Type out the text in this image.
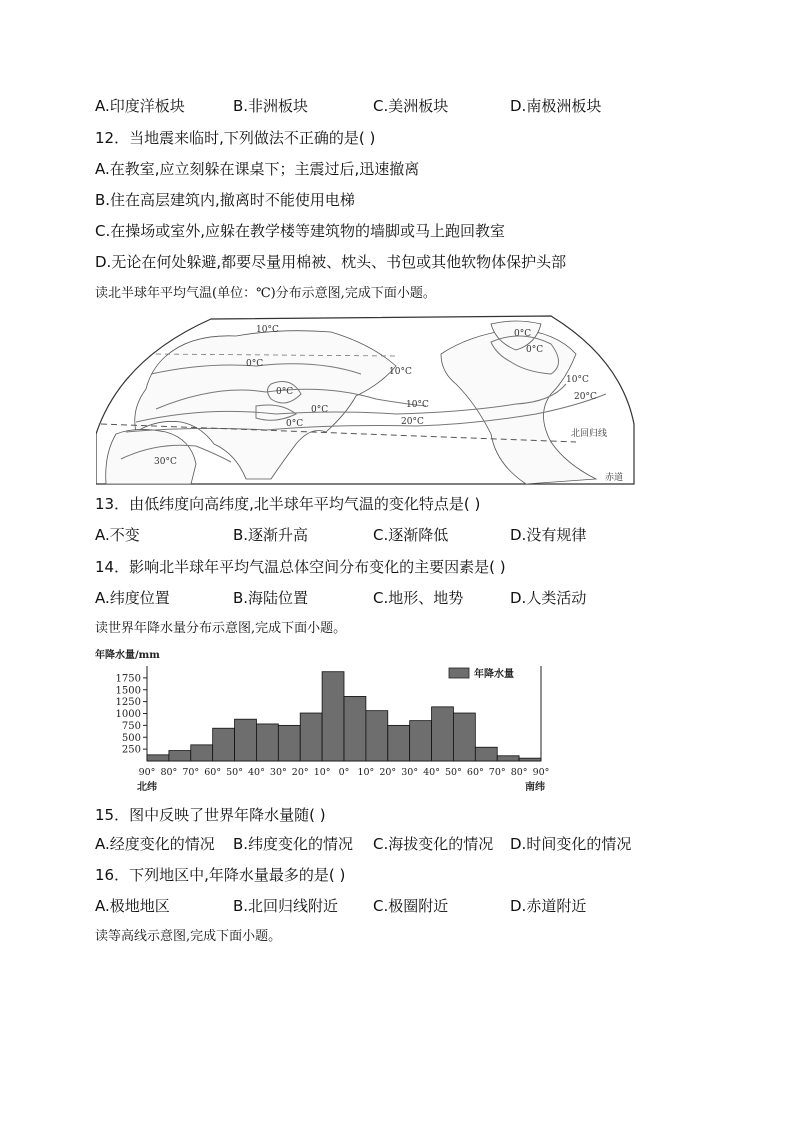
A.印度洋板块	B.非洲板块	C.美洲板块	D.南极洲板块
12．当地震来临时,下列做法不正确的是( )
A.在教室,应立刻躲在课桌下；主震过后,迅速撤离
B.住在高层建筑内,撤离时不能使用电梯
C.在操场或室外,应躲在教学楼等建筑物的墙脚或马上跑回教室
D.无论在何处躲避,都要尽量用棉被、枕头、书包或其他软物体保护头部
读北半球年平均气温(单位：℃)分布示意图,完成下面小题。
10°C
0°C
0°C
0°C
0°C
10°C
10°C
20°C
30°C
0°C
0°C
10°C
20°C
北回归线
赤道
13．由低纬度向高纬度,北半球年平均气温的变化特点是( )
A.不变	B.逐渐升高	C.逐渐降低	D.没有规律
14．影响北半球年平均气温总体空间分布变化的主要因素是( )
A.纬度位置	B.海陆位置	C.地形、地势	D.人类活动
读世界年降水量分布示意图,完成下面小题。
年降水量/mm
250
500
750
1000
1250
1500
1750
90° 80° 70° 60° 50° 40° 30° 20° 10° 0° 10° 20° 30° 40° 50° 60° 70° 80° 90°
年降水量
北纬	南纬
15．图中反映了世界年降水量随( )
A.经度变化的情况 B.纬度变化的情况 C.海拔变化的情况 D.时间变化的情况
16．下列地区中,年降水量最多的是( )
A.极地地区	B.北回归线附近 C.极圈附近	D.赤道附近
读等高线示意图,完成下面小题。
